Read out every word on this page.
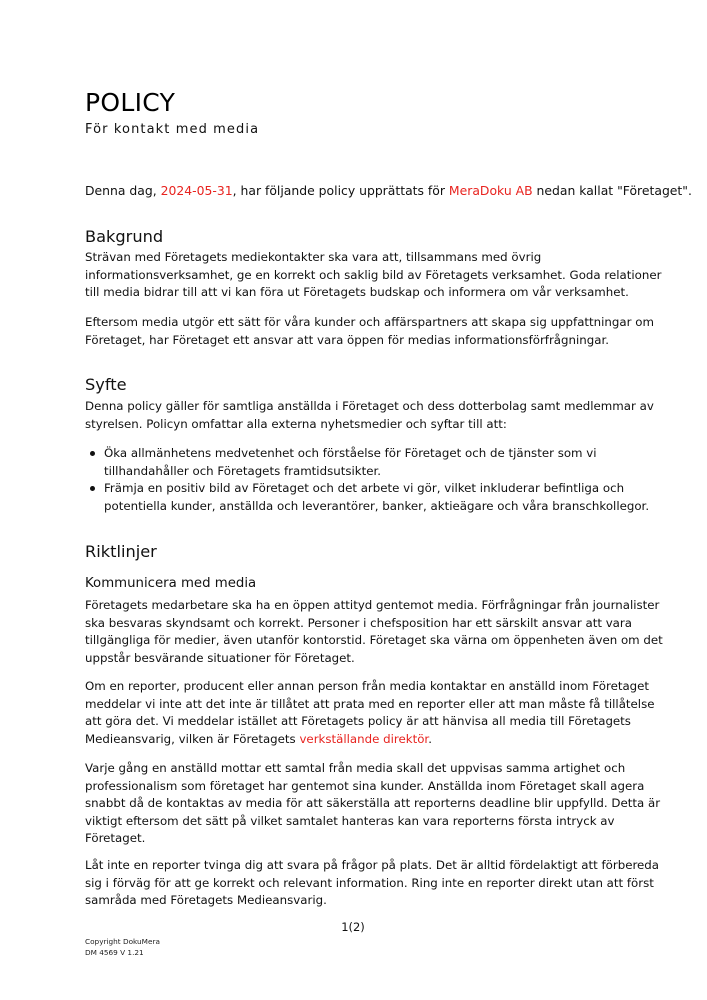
POLICY

För kontakt med media

Denna dag, 2024-05-31, har följande policy upprättats för MeraDoku AB nedan kallat "Företaget".

Bakgrund

Strävan med Företagets mediekontakter ska vara att, tillsammans med övrig
informationsverksamhet, ge en korrekt och saklig bild av Företagets verksamhet. Goda relationer
till media bidrar till att vi kan föra ut Företagets budskap och informera om vår verksamhet.

Eftersom media utgör ett sätt för våra kunder och affärspartners att skapa sig uppfattningar om
Företaget, har Företaget ett ansvar att vara öppen för medias informationsförfrågningar.

Syfte

Denna policy gäller för samtliga anställda i Företaget och dess dotterbolag samt medlemmar av
styrelsen. Policyn omfattar alla externa nyhetsmedier och syftar till att:

Öka allmänhetens medvetenhet och förståelse för Företaget och de tjänster som vi
tillhandahåller och Företagets framtidsutsikter.
Främja en positiv bild av Företaget och det arbete vi gör, vilket inkluderar befintliga och
potentiella kunder, anställda och leverantörer, banker, aktieägare och våra branschkollegor.
Riktlinjer
Kommunicera med media

Företagets medarbetare ska ha en öppen attityd gentemot media. Förfrågningar från journalister
ska besvaras skyndsamt och korrekt. Personer i chefsposition har ett särskilt ansvar att vara
tillgängliga för medier, även utanför kontorstid. Företaget ska värna om öppenheten även om det
uppstår besvärande situationer för Företaget.

Om en reporter, producent eller annan person från media kontaktar en anställd inom Företaget
meddelar vi inte att det inte är tillåtet att prata med en reporter eller att man måste få tillåtelse
att göra det. Vi meddelar istället att Företagets policy är att hänvisa all media till Företagets
Medieansvarig, vilken är Företagets verkställande direktör.

Varje gång en anställd mottar ett samtal från media skall det uppvisas samma artighet och
professionalism som företaget har gentemot sina kunder. Anställda inom Företaget skall agera
snabbt då de kontaktas av media för att säkerställa att reporterns deadline blir uppfylld. Detta är
viktigt eftersom det sätt på vilket samtalet hanteras kan vara reporterns första intryck av
Företaget.

Låt inte en reporter tvinga dig att svara på frågor på plats. Det är alltid fördelaktigt att förbereda
sig i förväg för att ge korrekt och relevant information. Ring inte en reporter direkt utan att först
samråda med Företagets Medieansvarig.

1(2)
Copyright DokuMera
DM 4569 V 1.21
